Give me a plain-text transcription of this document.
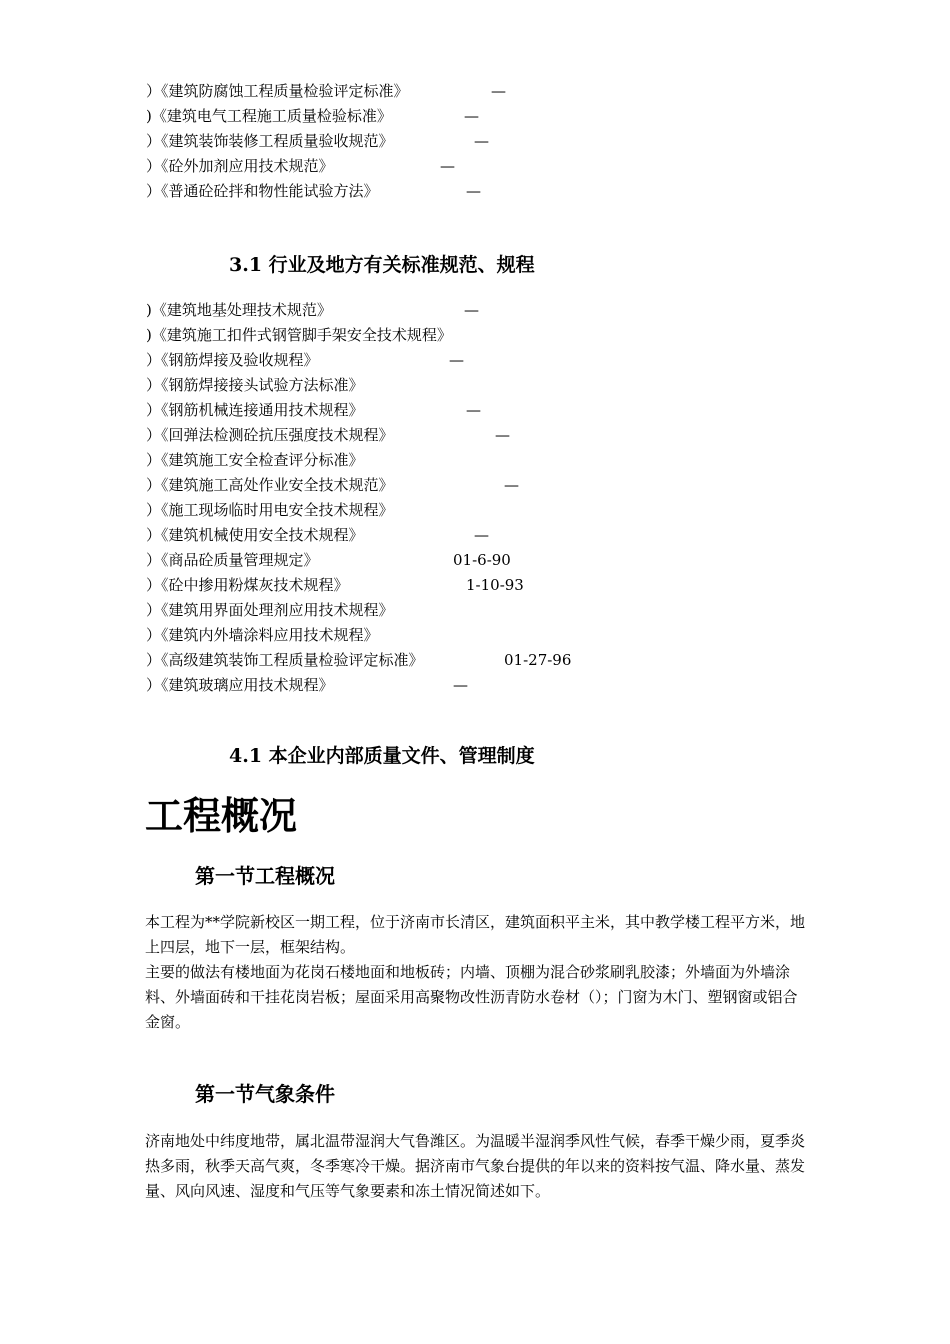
）《建筑防腐蚀工程质量检验评定标准》	—
)《建筑电气工程施工质量检验标准》	—
）《建筑装饰装修工程质量验收规范》	—
）《砼外加剂应用技术规范》	—
）《普通砼砼拌和物性能试验方法》	—
3.1 行业及地方有关标准规范、规程
)《建筑地基处理技术规范》	—
)《建筑施工扣件式钢管脚手架安全技术规程》
）《钢筋焊接及验收规程》	—
）《钢筋焊接接头试验方法标准》
）《钢筋机械连接通用技术规程》	—
）《回弹法检测砼抗压强度技术规程》	—
）《建筑施工安全检查评分标准》
）《建筑施工高处作业安全技术规范》	—
）《施工现场临时用电安全技术规程》
）《建筑机械使用安全技术规程》	—
）《商品砼质量管理规定》	01-6-90
）《砼中掺用粉煤灰技术规程》	1-10-93
）《建筑用界面处理剂应用技术规程》
）《建筑内外墙涂料应用技术规程》
）《高级建筑装饰工程质量检验评定标准》	01-27-96
）《建筑玻璃应用技术规程》	—
4.1 本企业内部质量文件、管理制度
工程概况
第一节工程概况
本工程为**学院新校区一期工程，位于济南市长清区，建筑面积平主米，其中教学楼工程平方米，地上四层，地下一层，框架结构。
主要的做法有楼地面为花岗石楼地面和地板砖；内墙、顶棚为混合砂浆刷乳胶漆；外墙面为外墙涂料、外墙面砖和干挂花岗岩板；屋面采用高聚物改性沥青防水卷材（）；门窗为木门、塑钢窗或铝合金窗。
第一节气象条件
济南地处中纬度地带，属北温带湿润大气鲁潍区。为温暖半湿润季风性气候，春季干燥少雨，夏季炎热多雨，秋季天高气爽，冬季寒冷干燥。据济南市气象台提供的年以来的资料按气温、降水量、蒸发量、风向风速、湿度和气压等气象要素和冻土情况简述如下。
